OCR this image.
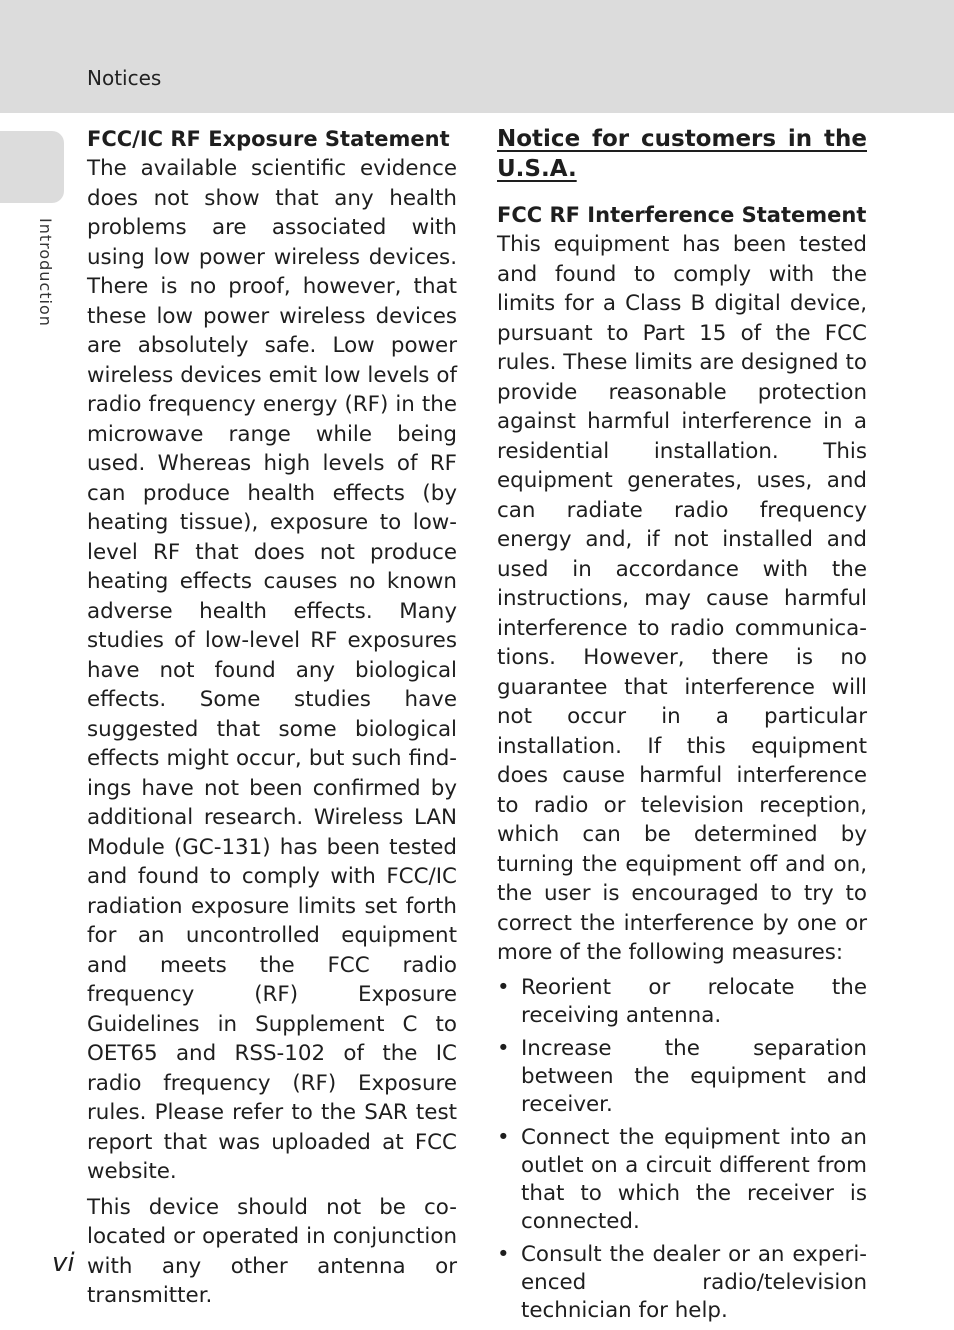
Notices
Introduction
FCC/IC RF Exposure Statement

The available scientific evidence does not show that any health problems are associated with using low power wireless devices. There is no proof, however, that these low power wireless devices are absolutely safe. Low power wireless devices emit low levels of radio frequency energy (RF) in the microwave range while being used. Whereas high levels of RF can produce health effects (by heating tissue), exposure to low-level RF that does not produce heating effects causes no known adverse health effects. Many studies of low-level RF exposures have not found any biological effects. Some studies have suggested that some biological effects might occur, but such findings have not been confirmed by additional research. Wireless LAN Module (GC-131) has been tested and found to comply with FCC/IC radiation exposure limits set forth for an uncontrolled equipment and meets the FCC radio frequency (RF) Exposure Guidelines in Supplement C to OET65 and RSS-102 of the IC radio frequency (RF) Exposure rules. Please refer to the SAR test report that was uploaded at FCC website.

This device should not be co-located or operated in conjunction with any other antenna or transmitter.

Notice for customers in the U.S.A.
FCC RF Interference Statement

This equipment has been tested and found to comply with the limits for a Class B digital device, pursuant to Part 15 of the FCC rules. These limits are designed to provide reasonable protection against harmful interference in a residential installation. This equipment generates, uses, and can radiate radio frequency energy and, if not installed and used in accordance with the instructions, may cause harmful interference to radio communications. However, there is no guarantee that interference will not occur in a particular installation. If this equipment does cause harmful interference to radio or television reception, which can be determined by turning the equipment off and on, the user is encouraged to try to correct the interference by one or more of the following measures:

• Reorient or relocate the receiving antenna.
• Increase the separation between the equipment and receiver.
• Connect the equipment into an outlet on a circuit different from that to which the receiver is connected.
• Consult the dealer or an experienced radio/television technician for help.
vi
